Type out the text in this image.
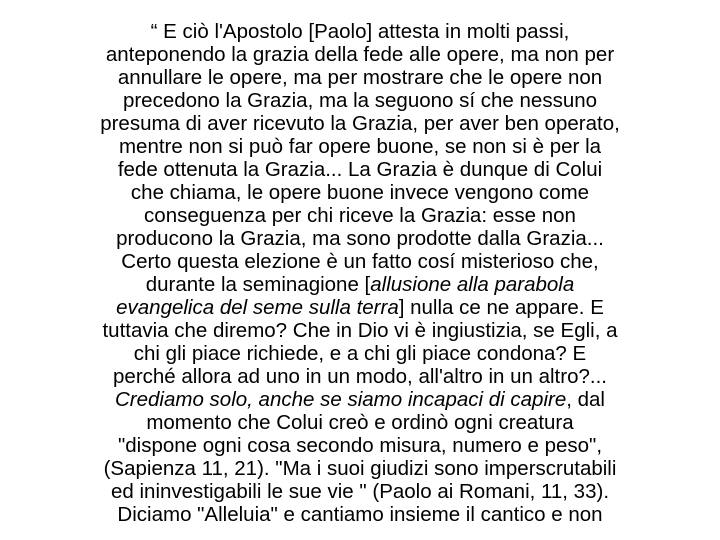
“ E ciò l'Apostolo [Paolo] attesta in molti passi,
anteponendo la grazia della fede alle opere, ma non per
annullare le opere, ma per mostrare che le opere non
precedono la Grazia, ma la seguono sí che nessuno
presuma di aver ricevuto la Grazia, per aver ben operato,
mentre non si può far opere buone, se non si è per la
fede ottenuta la Grazia... La Grazia è dunque di Colui
che chiama, le opere buone invece vengono come
conseguenza per chi riceve la Grazia: esse non
producono la Grazia, ma sono prodotte dalla Grazia...
Certo questa elezione è un fatto cosí misterioso che,
durante la seminagione [allusione alla parabola
evangelica del seme sulla terra] nulla ce ne appare. E
tuttavia che diremo? Che in Dio vi è ingiustizia, se Egli, a
chi gli piace richiede, e a chi gli piace condona? E
perché allora ad uno in un modo, all'altro in un altro?...
Crediamo solo, anche se siamo incapaci di capire, dal
momento che Colui creò e ordinò ogni creatura
"dispone ogni cosa secondo misura, numero e peso",
(Sapienza 11, 21). "Ma i suoi giudizi sono imperscrutabili
ed ininvestigabili le sue vie " (Paolo ai Romani, 11, 33).
Diciamo "Alleluia" e cantiamo insieme il cantico e non
